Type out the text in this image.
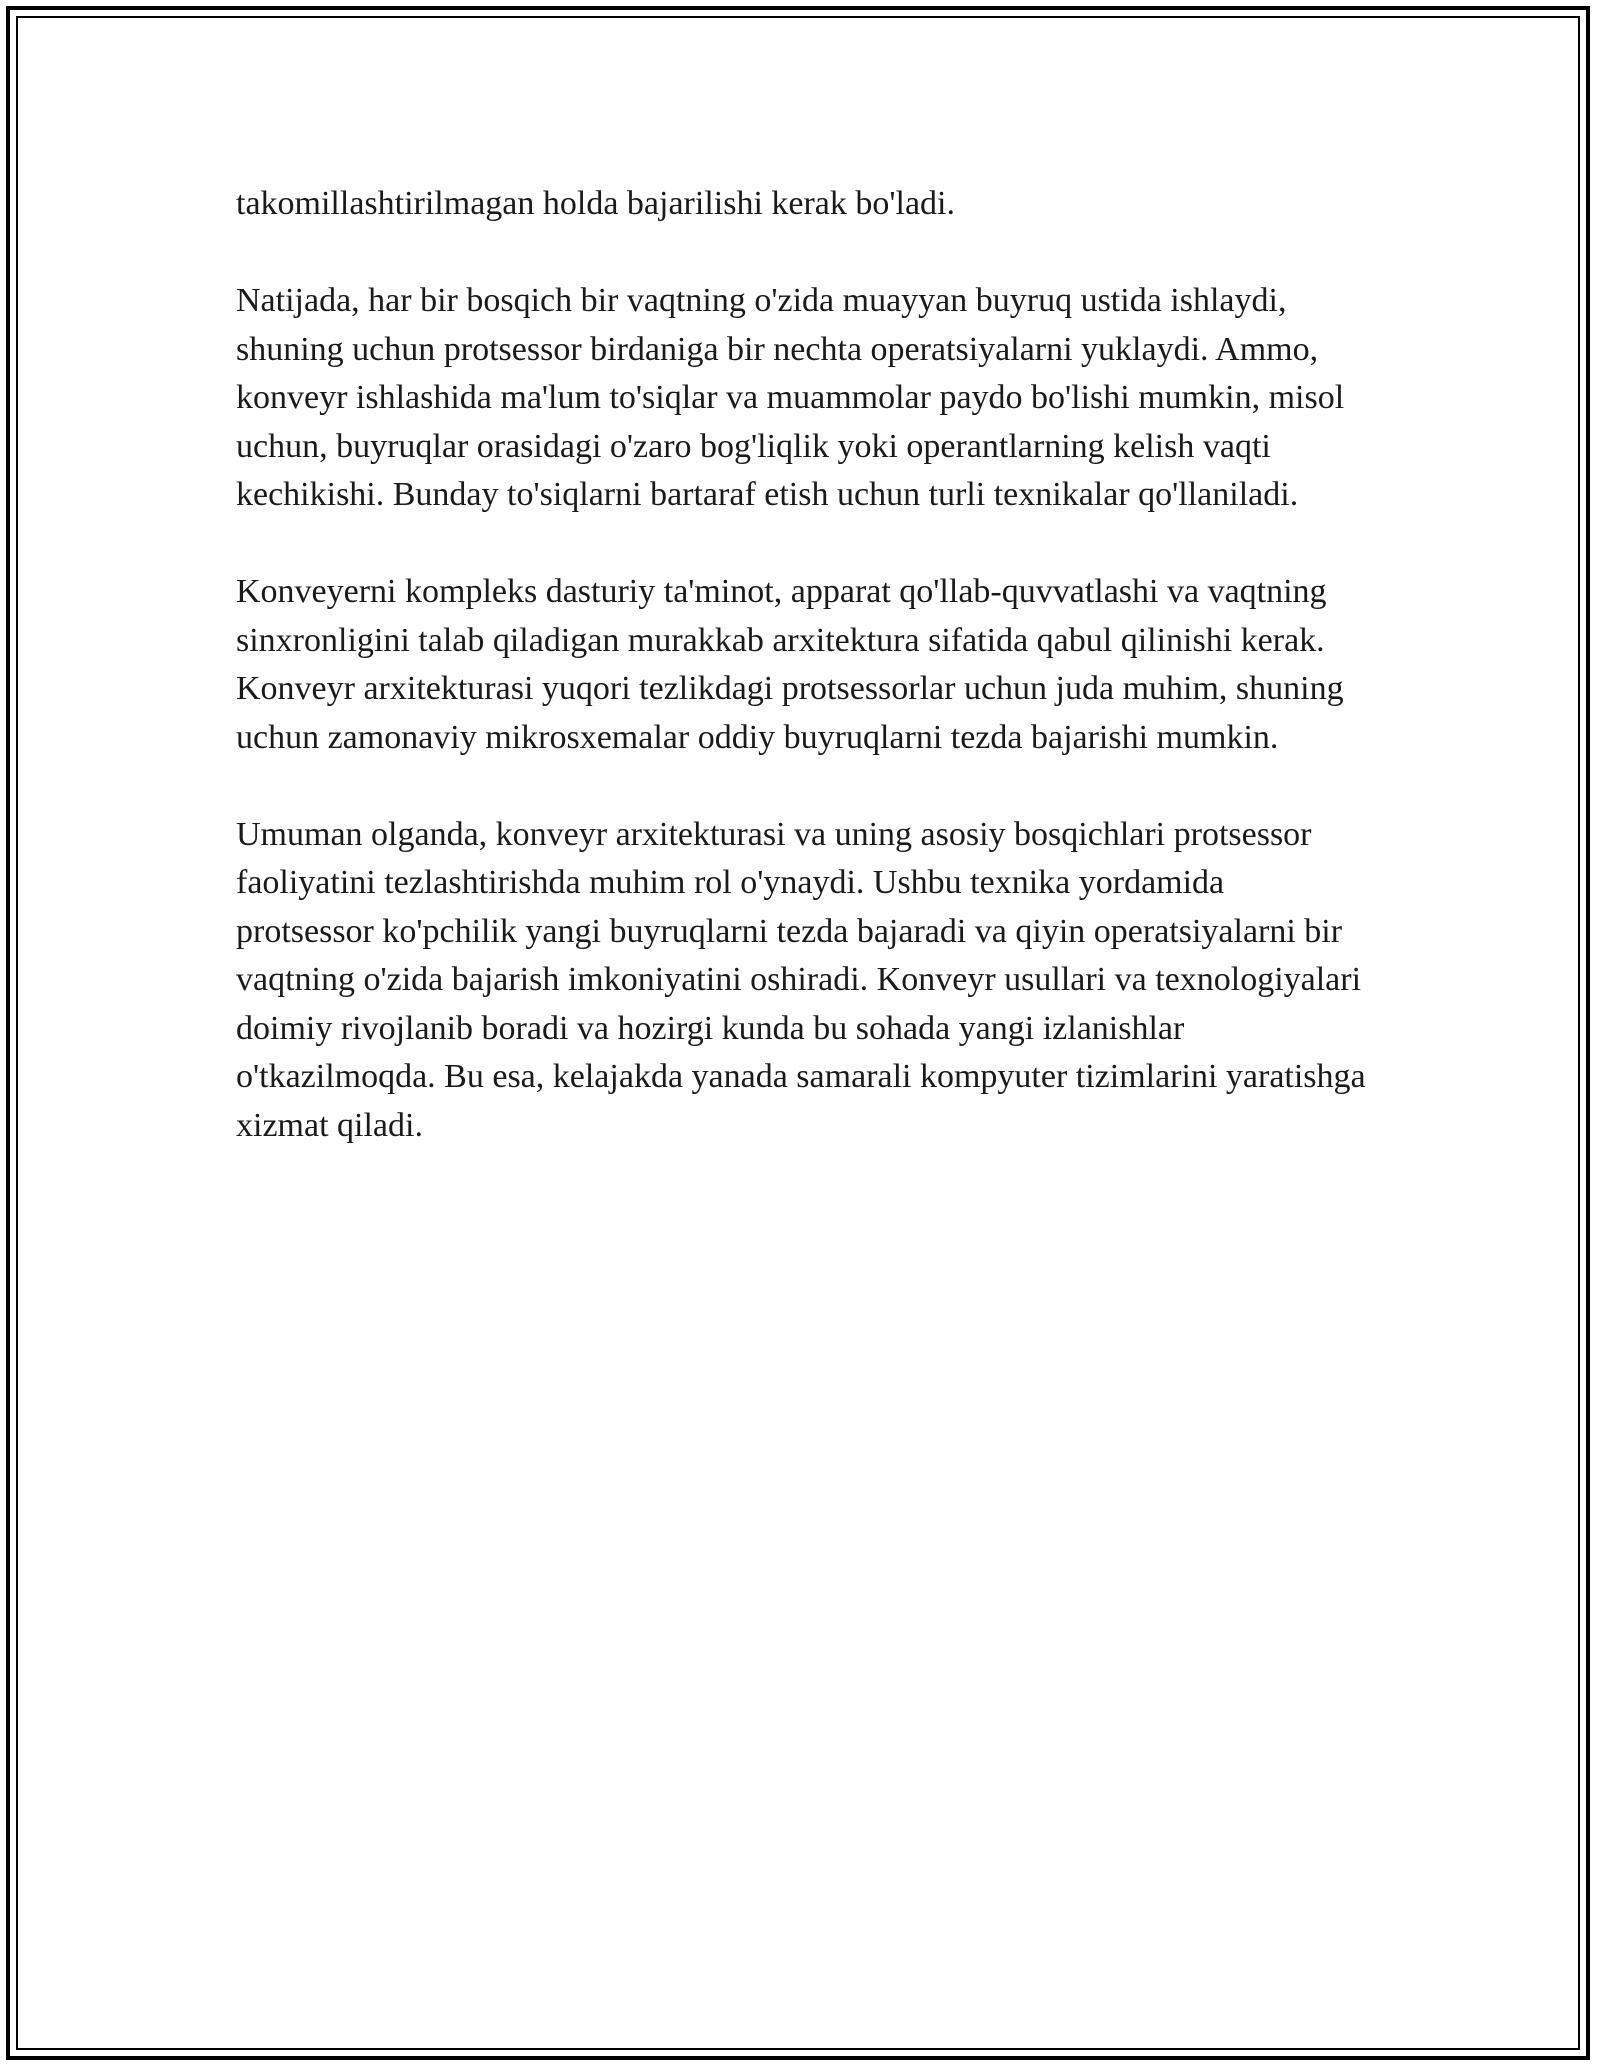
takomillashtirilmagan holda bajarilishi kerak bo'ladi.

Natijada, har bir bosqich bir vaqtning o'zida muayyan buyruq ustida ishlaydi, shuning uchun protsessor birdaniga bir nechta operatsiyalarni yuklaydi. Ammo, konveyr ishlashida ma'lum to'siqlar va muammolar paydo bo'lishi mumkin, misol uchun, buyruqlar orasidagi o'zaro bog'liqlik yoki operantlarning kelish vaqti kechikishi. Bunday to'siqlarni bartaraf etish uchun turli texnikalar qo'llaniladi.

Konveyerni kompleks dasturiy ta'minot, apparat qo'llab-quvvatlashi va vaqtning sinxronligini talab qiladigan murakkab arxitektura sifatida qabul qilinishi kerak. Konveyr arxitekturasi yuqori tezlikdagi protsessorlar uchun juda muhim, shuning uchun zamonaviy mikrosxemalar oddiy buyruqlarni tezda bajarishi mumkin.

Umuman olganda, konveyr arxitekturasi va uning asosiy bosqichlari protsessor faoliyatini tezlashtirishda muhim rol o'ynaydi. Ushbu texnika yordamida protsessor ko'pchilik yangi buyruqlarni tezda bajaradi va qiyin operatsiyalarni bir vaqtning o'zida bajarish imkoniyatini oshiradi. Konveyr usullari va texnologiyalari doimiy rivojlanib boradi va hozirgi kunda bu sohada yangi izlanishlar o'tkazilmoqda. Bu esa, kelajakda yanada samarali kompyuter tizimlarini yaratishga xizmat qiladi.
